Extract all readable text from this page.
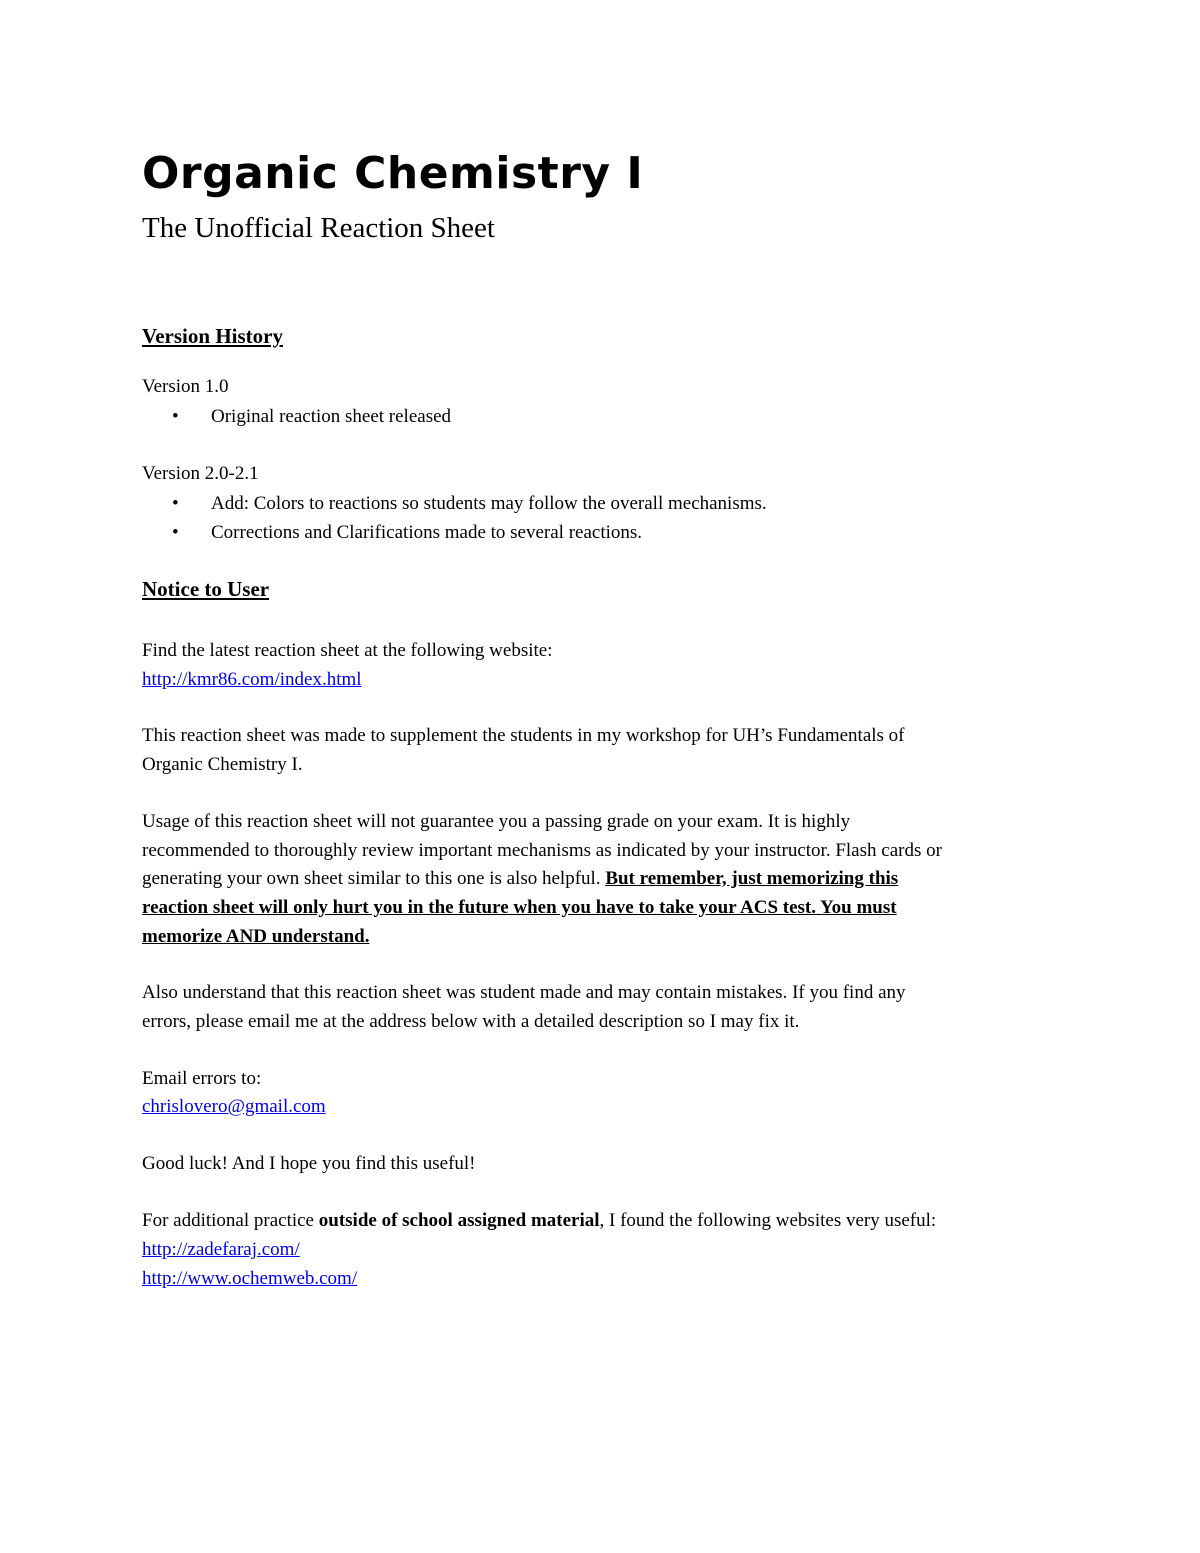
Organic Chemistry I
The Unofficial Reaction Sheet
Version History
Version 1.0
• Original reaction sheet released
Version 2.0-2.1
• Add: Colors to reactions so students may follow the overall mechanisms.
• Corrections and Clarifications made to several reactions.
Notice to User
Find the latest reaction sheet at the following website:
http://kmr86.com/index.html
This reaction sheet was made to supplement the students in my workshop for UH’s Fundamentals of
Organic Chemistry I.
Usage of this reaction sheet will not guarantee you a passing grade on your exam. It is highly
recommended to thoroughly review important mechanisms as indicated by your instructor. Flash cards or
generating your own sheet similar to this one is also helpful. But remember, just memorizing this
reaction sheet will only hurt you in the future when you have to take your ACS test. You must
memorize AND understand.
Also understand that this reaction sheet was student made and may contain mistakes. If you find any
errors, please email me at the address below with a detailed description so I may fix it.
Email errors to:
chrislovero@gmail.com
Good luck! And I hope you find this useful!
For additional practice outside of school assigned material, I found the following websites very useful:
http://zadefaraj.com/
http://www.ochemweb.com/
